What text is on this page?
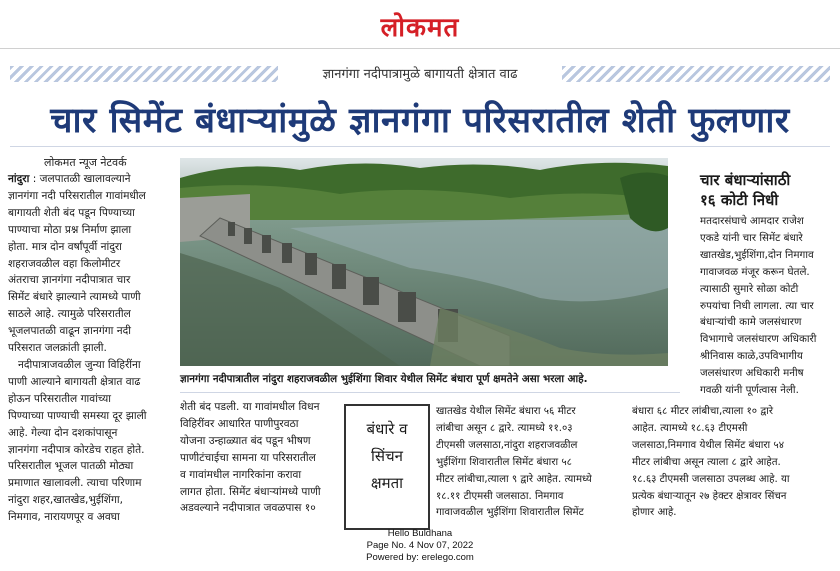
लोकमत
ज्ञानगंगा नदीपात्रामुळे बागायती क्षेत्रात वाढ
चार सिमेंट बंधाऱ्यांमुळे ज्ञानगंगा परिसरातील शेती फुलणार
लोकमत न्यूज नेटवर्क
नांदुरा : जलपातळी खालावल्याने
ज्ञानगंगा नदी परिसरातील गावांमधील
बागायती शेती बंद पडून पिण्याच्या
पाण्याचा मोठा प्रश्न निर्माण झाला
होता. मात्र दोन वर्षांपूर्वी नांदुरा
शहराजवळील वहा किलोमीटर
अंतराचा ज्ञानगंगा नदीपात्रात चार
सिमेंट बंधारे झाल्याने त्यामध्ये पाणी
साठले आहे. त्यामुळे परिसरातील
भूजलपातळी वाढून ज्ञानगंगा नदी
परिसरात जलक्रांती झाली.
नदीपात्राजवळील जुन्या विहिरींना
पाणी आल्याने बागायती क्षेत्रात वाढ
होऊन परिसरातील गावांच्या
पिण्याच्या पाण्याची समस्या दूर झाली
आहे. गेल्या दोन दशकांपासून
ज्ञानगंगा नदीपात्र कोरडेच राहत होते.
परिसरातील भूजल पातळी मोठ्या
प्रमाणात खालावली. त्याचा परिणाम
नांदुरा शहर,खातखेड,भुईशिंगा,
निमगाव, नारायणपूर व अवघा
ज्ञानगंगा नदीपात्रातील नांदुरा शहराजवळील भुईशिंगा शिवार येथील सिमेंट बंधारा पूर्ण क्षमतेने असा भरला आहे.
शेती बंद पडली. या गावांमधील विधन
विहिरींवर आधारित पाणीपुरवठा
योजना उन्हाळ्यात बंद पडून भीषण
पाणीटंचाईचा सामना या परिसरातील
व गावांमधील नागरिकांना करावा
लागत होता. सिमेंट बंधाऱ्यांमध्ये पाणी
अडवल्याने नदीपात्रात जवळपास १०
बंधारे व
सिंचन
क्षमता
खातखेड येथील सिमेंट बंधारा ५६ मीटर
लांबीचा असून ८ द्वारे. त्यामध्ये ११.०३
टीएमसी जलसाठा,नांदुरा शहराजवळील
भुईशिंगा शिवारातील सिमेंट बंधारा ५८
मीटर लांबीचा,त्याला ९ द्वारे आहेत. त्यामध्ये
१८.११ टीएमसी जलसाठा. निमगाव
गावाजवळील भुईशिंगा शिवारातील सिमेंट
बंधारा ६८ मीटर लांबीचा,त्याला १० द्वारे
आहेत. त्यामध्ये १८.६३ टीएमसी
जलसाठा,निमगाव येथील सिमेंट बंधारा ५४
मीटर लांबीचा असून त्याला ८ द्वारे आहेत.
१८.६३ टीएमसी जलसाठा उपलब्ध आहे. या
प्रत्येक बंधाऱ्यातून २७ हेक्टर क्षेत्रावर सिंचन
होणार आहे.
चार बंधाऱ्यांसाठी
१६ कोटी निधी
मतदारसंघाचे आमदार राजेश
एकडे यांनी चार सिमेंट बंधारे
खातखेड,भुईशिंगा,दोन निमगाव
गावाजवळ मंजूर करून घेतले.
त्यासाठी सुमारे सोळा कोटी
रुपयांचा निधी लागला. त्या चार
बंधाऱ्यांची कामे जलसंधारण
विभागाचे जलसंधारण अधिकारी
श्रीनिवास काळे,उपविभागीय
जलसंधारण अधिकारी मनीष
गवळी यांनी पूर्णत्वास नेली.
Hello Buldhana
Page No. 4 Nov 07, 2022
Powered by: erelego.com
